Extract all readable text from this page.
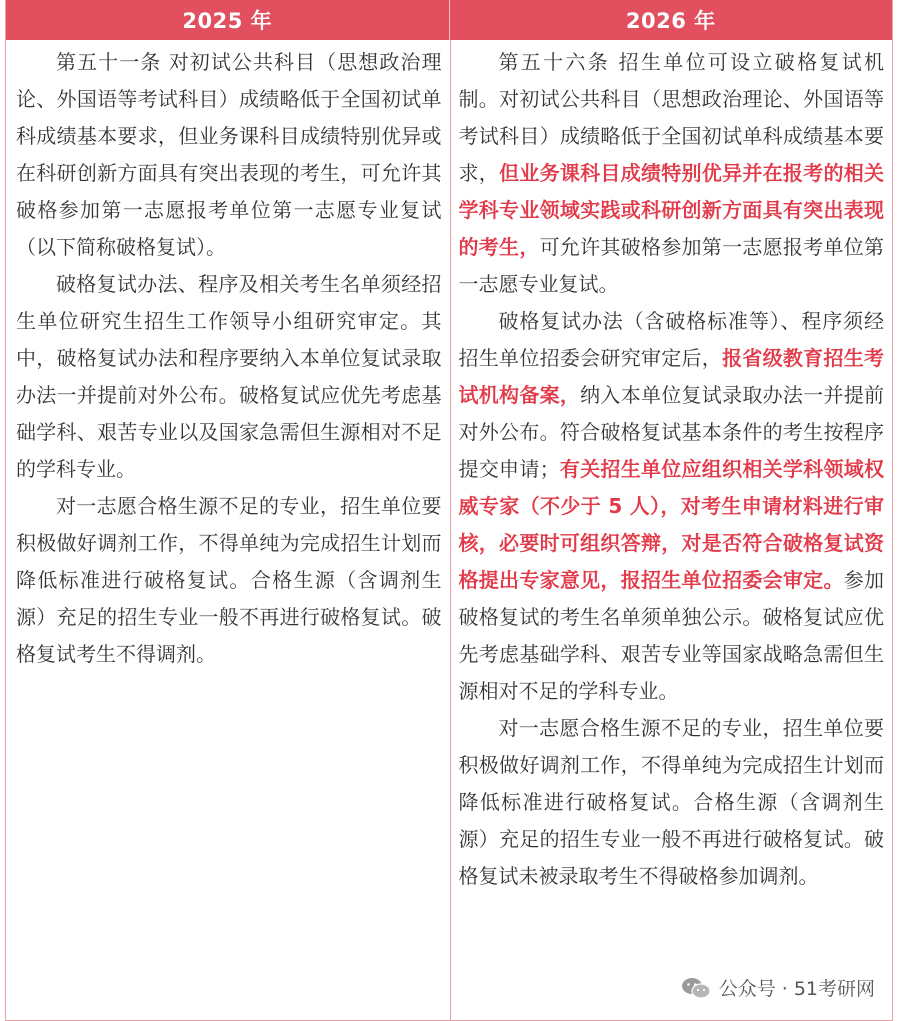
2025 年	2026 年

第五十一条 对初试公共科目（思想政治理论、外国语等考试科目）成绩略低于全国初试单科成绩基本要求，但业务课科目成绩特别优异或在科研创新方面具有突出表现的考生，可允许其破格参加第一志愿报考单位第一志愿专业复试（以下简称破格复试）。

破格复试办法、程序及相关考生名单须经招生单位研究生招生工作领导小组研究审定。其中，破格复试办法和程序要纳入本单位复试录取办法一并提前对外公布。破格复试应优先考虑基础学科、艰苦专业以及国家急需但生源相对不足的学科专业。

对一志愿合格生源不足的专业，招生单位要积极做好调剂工作，不得单纯为完成招生计划而降低标准进行破格复试。合格生源（含调剂生源）充足的招生专业一般不再进行破格复试。破格复试考生不得调剂。

第五十六条 招生单位可设立破格复试机制。对初试公共科目（思想政治理论、外国语等考试科目）成绩略低于全国初试单科成绩基本要求，但业务课科目成绩特别优异并在报考的相关学科专业领域实践或科研创新方面具有突出表现的考生，可允许其破格参加第一志愿报考单位第一志愿专业复试。

破格复试办法（含破格标准等）、程序须经招生单位招委会研究审定后，报省级教育招生考试机构备案，纳入本单位复试录取办法一并提前对外公布。符合破格复试基本条件的考生按程序提交申请；有关招生单位应组织相关学科领域权威专家（不少于 5 人），对考生申请材料进行审核，必要时可组织答辩，对是否符合破格复试资格提出专家意见，报招生单位招委会审定。参加破格复试的考生名单须单独公示。破格复试应优先考虑基础学科、艰苦专业等国家战略急需但生源相对不足的学科专业。

对一志愿合格生源不足的专业，招生单位要积极做好调剂工作，不得单纯为完成招生计划而降低标准进行破格复试。合格生源（含调剂生源）充足的招生专业一般不再进行破格复试。破格复试未被录取考生不得破格参加调剂。

公众号 · 51考研网
